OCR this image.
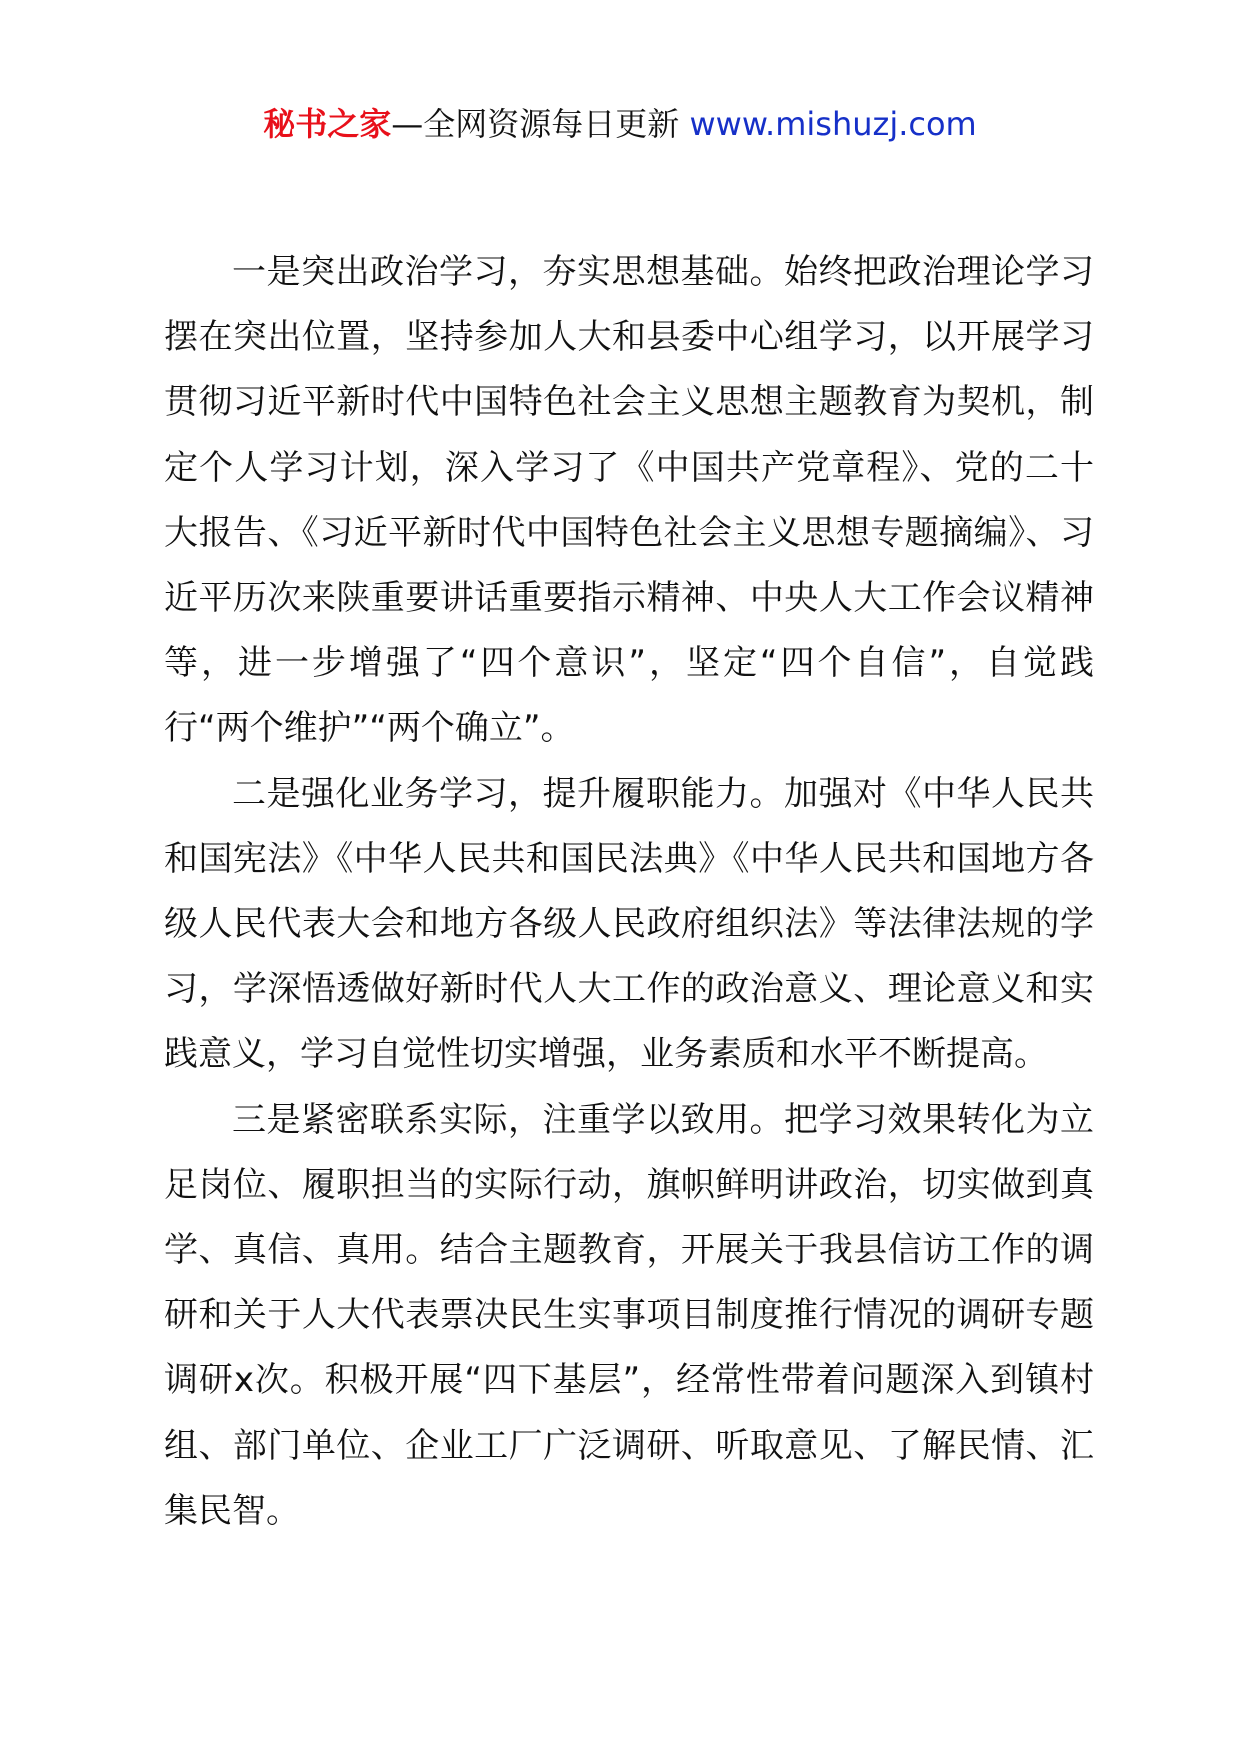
秘书之家—全网资源每日更新 www.mishuzj.com

一是突出政治学习，夯实思想基础。始终把政治理论学习摆在突出位置，坚持参加人大和县委中心组学习，以开展学习贯彻习近平新时代中国特色社会主义思想主题教育为契机，制定个人学习计划，深入学习了《中国共产党章程》、党的二十大报告、《习近平新时代中国特色社会主义思想专题摘编》、习近平历次来陕重要讲话重要指示精神、中央人大工作会议精神等，进一步增强了“四个意识”，坚定“四个自信”，自觉践行“两个维护”“两个确立”。

二是强化业务学习，提升履职能力。加强对《中华人民共和国宪法》《中华人民共和国民法典》《中华人民共和国地方各级人民代表大会和地方各级人民政府组织法》等法律法规的学习，学深悟透做好新时代人大工作的政治意义、理论意义和实践意义，学习自觉性切实增强，业务素质和水平不断提高。

三是紧密联系实际，注重学以致用。把学习效果转化为立足岗位、履职担当的实际行动，旗帜鲜明讲政治，切实做到真学、真信、真用。结合主题教育，开展关于我县信访工作的调研和关于人大代表票决民生实事项目制度推行情况的调研专题调研x次。积极开展“四下基层”，经常性带着问题深入到镇村组、部门单位、企业工厂广泛调研、听取意见、了解民情、汇集民智。
